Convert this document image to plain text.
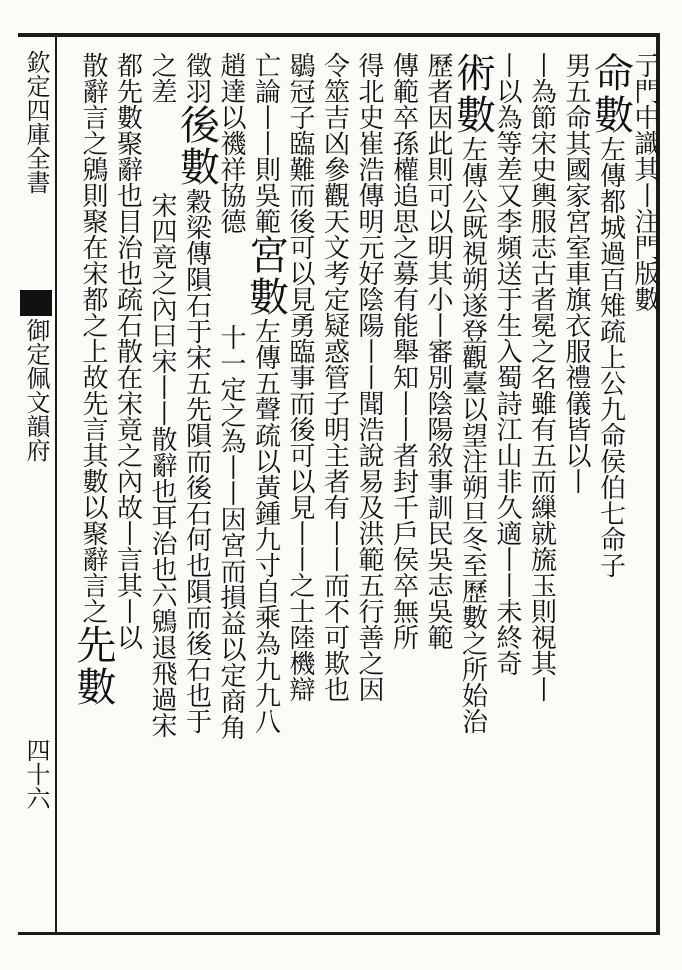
欽定四庫全書
御定佩文韻府
四十六
亍門中識其丨注門版數
命數左傳都城過百雉疏上公九命侯伯七命子
男五命其國家宮室車旗衣服禮儀皆以丨
丨為節宋史輿服志古者冕之名雖有五而繅就旒玉則視其丨
丨以為等差又李頻送于生入蜀詩江山非久適丨丨未終奇
術數左傳公既視朔遂登觀臺以望注朔旦冬至歷數之所始治
歷者因此則可以明其小丨審別陰陽敘事訓民吳志吳範
傳範卒孫權追思之募有能舉知丨丨者封千戶侯卒無所
得北史崔浩傳明元好陰陽丨丨聞浩說易及洪範五行善之因
令筮吉凶參觀天文考定疑惑管子明主者有丨丨而不可欺也
鶡冠子臨難而後可以見勇臨事而後可以見丨丨之士陸機辯
亡論丨丨則吳範宮數左傳五聲疏以黃鍾九寸自乘為九九八
趙達以禨祥協德十一定之為丨丨因宮而損益以定商角
徵羽後數穀梁傳隕石于宋五先隕而後石何也隕而後石也于
之差宋四竟之內曰宋丨丨散辭也耳治也六鶂退飛過宋
都先數聚辭也目治也疏石散在宋竟之內故丨言其丨以
散辭言之鶂則聚在宋都之上故先言其數以聚辭言之先數
